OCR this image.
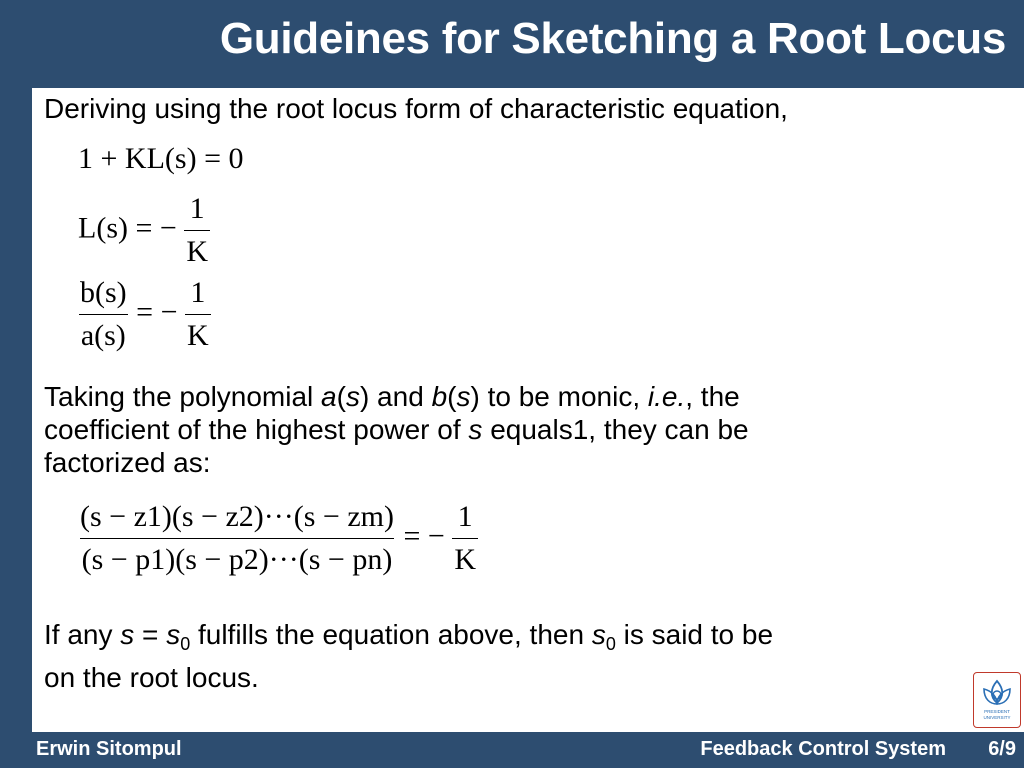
Guideines for Sketching a Root Locus
Deriving using the root locus form of characteristic equation,
1 + KL(s) = 0
L(s) = − $\frac{1}{K}$
$\frac{b(s)}{a(s)}$ = − $\frac{1}{K}$
Taking the polynomial a(s) and b(s) to be monic, i.e., the
coefficient of the highest power of s equals1, they can be
factorized as:
$\frac{(s - z1)(s - z2)\cdot\cdot\cdot(s - zm)}{(s - p1)(s - p2)\cdot\cdot\cdot(s - pn)}$ = − $\frac{1}{K}$
If any $s = s_0$ fulfills the equation above, then $s_0$ is said to be
on the root locus.
PRESIDENT
UNIVERSITY
Erwin Sitompul	Feedback Control System 6/9
